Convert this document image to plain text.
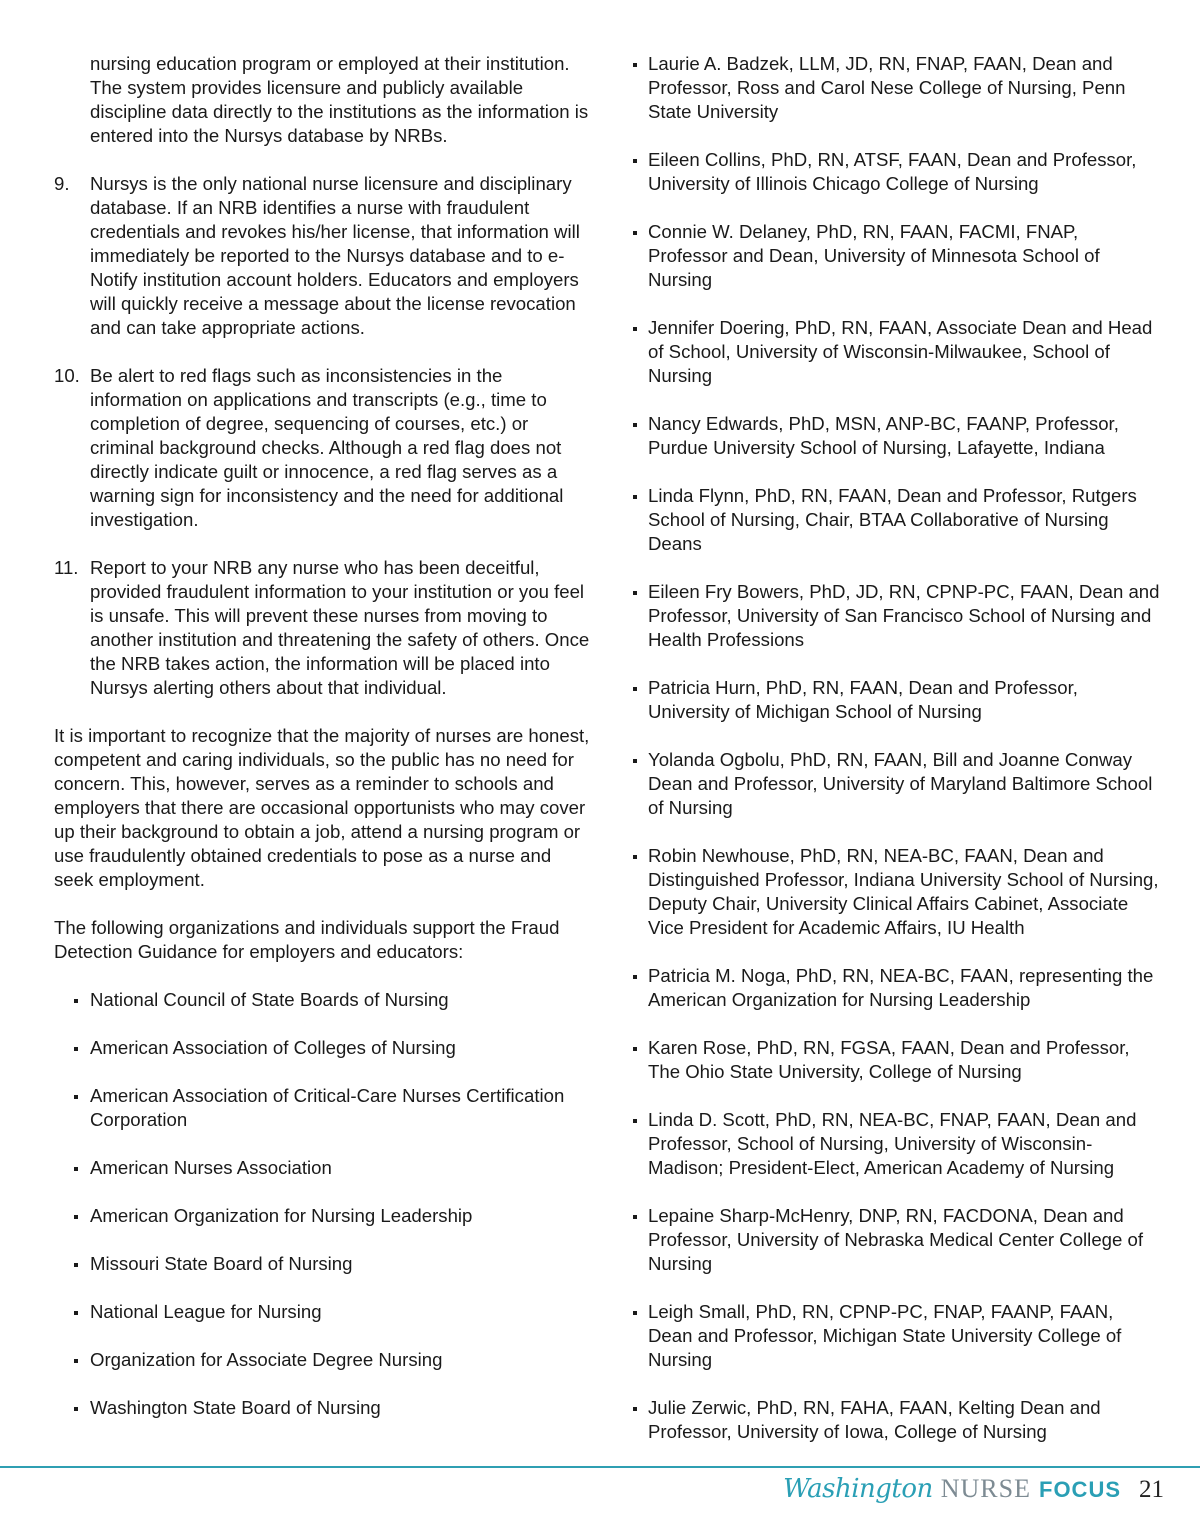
nursing education program or employed at their institution. The system provides licensure and publicly available discipline data directly to the institutions as the information is entered into the Nursys database by NRBs.

9. Nursys is the only national nurse licensure and disciplinary database. If an NRB identifies a nurse with fraudulent credentials and revokes his/her license, that information will immediately be reported to the Nursys database and to e-Notify institution account holders. Educators and employers will quickly receive a message about the license revocation and can take appropriate actions.

10. Be alert to red flags such as inconsistencies in the information on applications and transcripts (e.g., time to completion of degree, sequencing of courses, etc.) or criminal background checks. Although a red flag does not directly indicate guilt or innocence, a red flag serves as a warning sign for inconsistency and the need for additional investigation.

11. Report to your NRB any nurse who has been deceitful, provided fraudulent information to your institution or you feel is unsafe. This will prevent these nurses from moving to another institution and threatening the safety of others. Once the NRB takes action, the information will be placed into Nursys alerting others about that individual.

It is important to recognize that the majority of nurses are honest, competent and caring individuals, so the public has no need for concern. This, however, serves as a reminder to schools and employers that there are occasional opportunists who may cover up their background to obtain a job, attend a nursing program or use fraudulently obtained credentials to pose as a nurse and seek employment.

The following organizations and individuals support the Fraud Detection Guidance for employers and educators:

National Council of State Boards of Nursing
American Association of Colleges of Nursing
American Association of Critical-Care Nurses Certification Corporation
American Nurses Association
American Organization for Nursing Leadership
Missouri State Board of Nursing
National League for Nursing
Organization for Associate Degree Nursing
Washington State Board of Nursing
Laurie A. Badzek, LLM, JD, RN, FNAP, FAAN, Dean and Professor, Ross and Carol Nese College of Nursing, Penn State University
Eileen Collins, PhD, RN, ATSF, FAAN, Dean and Professor, University of Illinois Chicago College of Nursing
Connie W. Delaney, PhD, RN, FAAN, FACMI, FNAP, Professor and Dean, University of Minnesota School of Nursing
Jennifer Doering, PhD, RN, FAAN, Associate Dean and Head of School, University of Wisconsin-Milwaukee, School of Nursing
Nancy Edwards, PhD, MSN, ANP-BC, FAANP, Professor, Purdue University School of Nursing, Lafayette, Indiana
Linda Flynn, PhD, RN, FAAN, Dean and Professor, Rutgers School of Nursing, Chair, BTAA Collaborative of Nursing Deans
Eileen Fry Bowers, PhD, JD, RN, CPNP-PC, FAAN, Dean and Professor, University of San Francisco School of Nursing and Health Professions
Patricia Hurn, PhD, RN, FAAN, Dean and Professor, University of Michigan School of Nursing
Yolanda Ogbolu, PhD, RN, FAAN, Bill and Joanne Conway Dean and Professor, University of Maryland Baltimore School of Nursing
Robin Newhouse, PhD, RN, NEA-BC, FAAN, Dean and Distinguished Professor, Indiana University School of Nursing, Deputy Chair, University Clinical Affairs Cabinet, Associate Vice President for Academic Affairs, IU Health
Patricia M. Noga, PhD, RN, NEA-BC, FAAN, representing the American Organization for Nursing Leadership
Karen Rose, PhD, RN, FGSA, FAAN, Dean and Professor, The Ohio State University, College of Nursing
Linda D. Scott, PhD, RN, NEA-BC, FNAP, FAAN, Dean and Professor, School of Nursing, University of Wisconsin-Madison; President-Elect, American Academy of Nursing
Lepaine Sharp-McHenry, DNP, RN, FACDONA, Dean and Professor, University of Nebraska Medical Center College of Nursing
Leigh Small, PhD, RN, CPNP-PC, FNAP, FAANP, FAAN, Dean and Professor, Michigan State University College of Nursing
Julie Zerwic, PhD, RN, FAHA, FAAN, Kelting Dean and Professor, University of Iowa, College of Nursing
Washington NURSE FOCUS 21
